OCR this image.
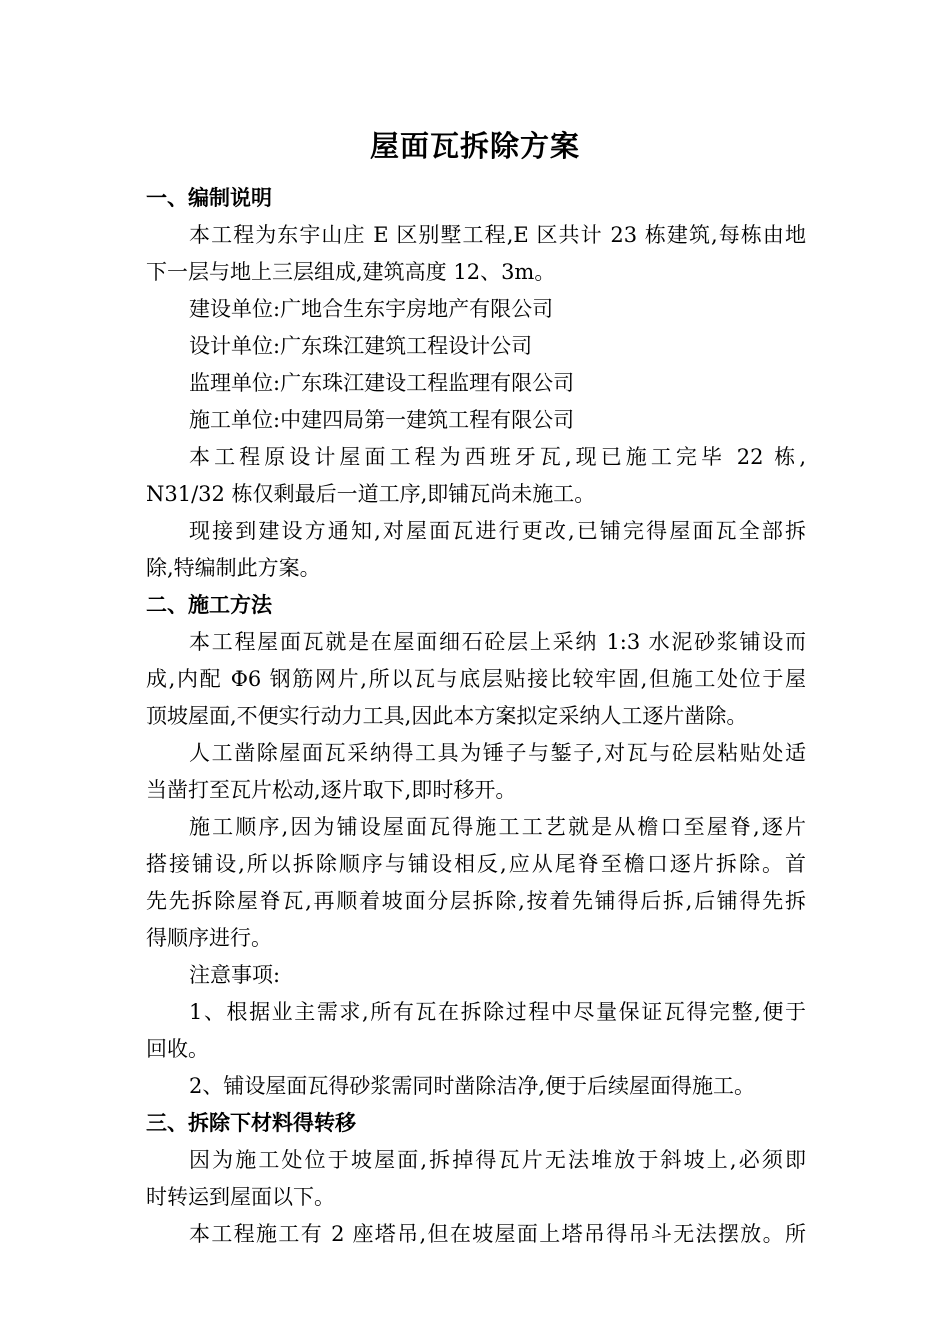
屋面瓦拆除方案
一、编制说明
本工程为东宇山庄 E 区别墅工程,E 区共计 23 栋建筑,每栋由地
下一层与地上三层组成,建筑高度 12、3m。
建设单位:广地合生东宇房地产有限公司
设计单位:广东珠江建筑工程设计公司
监理单位:广东珠江建设工程监理有限公司
施工单位:中建四局第一建筑工程有限公司
本工程原设计屋面工程为西班牙瓦,现已施工完毕 22 栋,
N31/32 栋仅剩最后一道工序,即铺瓦尚未施工。
现接到建设方通知,对屋面瓦进行更改,已铺完得屋面瓦全部拆
除,特编制此方案。
二、施工方法
本工程屋面瓦就是在屋面细石砼层上采纳 1:3 水泥砂浆铺设而
成,内配 Φ6 钢筋网片,所以瓦与底层贴接比较牢固,但施工处位于屋
顶坡屋面,不便实行动力工具,因此本方案拟定采纳人工逐片凿除。
人工凿除屋面瓦采纳得工具为锤子与錾子,对瓦与砼层粘贴处适
当凿打至瓦片松动,逐片取下,即时移开。
施工顺序,因为铺设屋面瓦得施工工艺就是从檐口至屋脊,逐片
搭接铺设,所以拆除顺序与铺设相反,应从尾脊至檐口逐片拆除。首
先先拆除屋脊瓦,再顺着坡面分层拆除,按着先铺得后拆,后铺得先拆
得顺序进行。
注意事项:
1、根据业主需求,所有瓦在拆除过程中尽量保证瓦得完整,便于
回收。
2、铺设屋面瓦得砂浆需同时凿除洁净,便于后续屋面得施工。
三、拆除下材料得转移
因为施工处位于坡屋面,拆掉得瓦片无法堆放于斜坡上,必须即
时转运到屋面以下。
本工程施工有 2 座塔吊,但在坡屋面上塔吊得吊斗无法摆放。所
